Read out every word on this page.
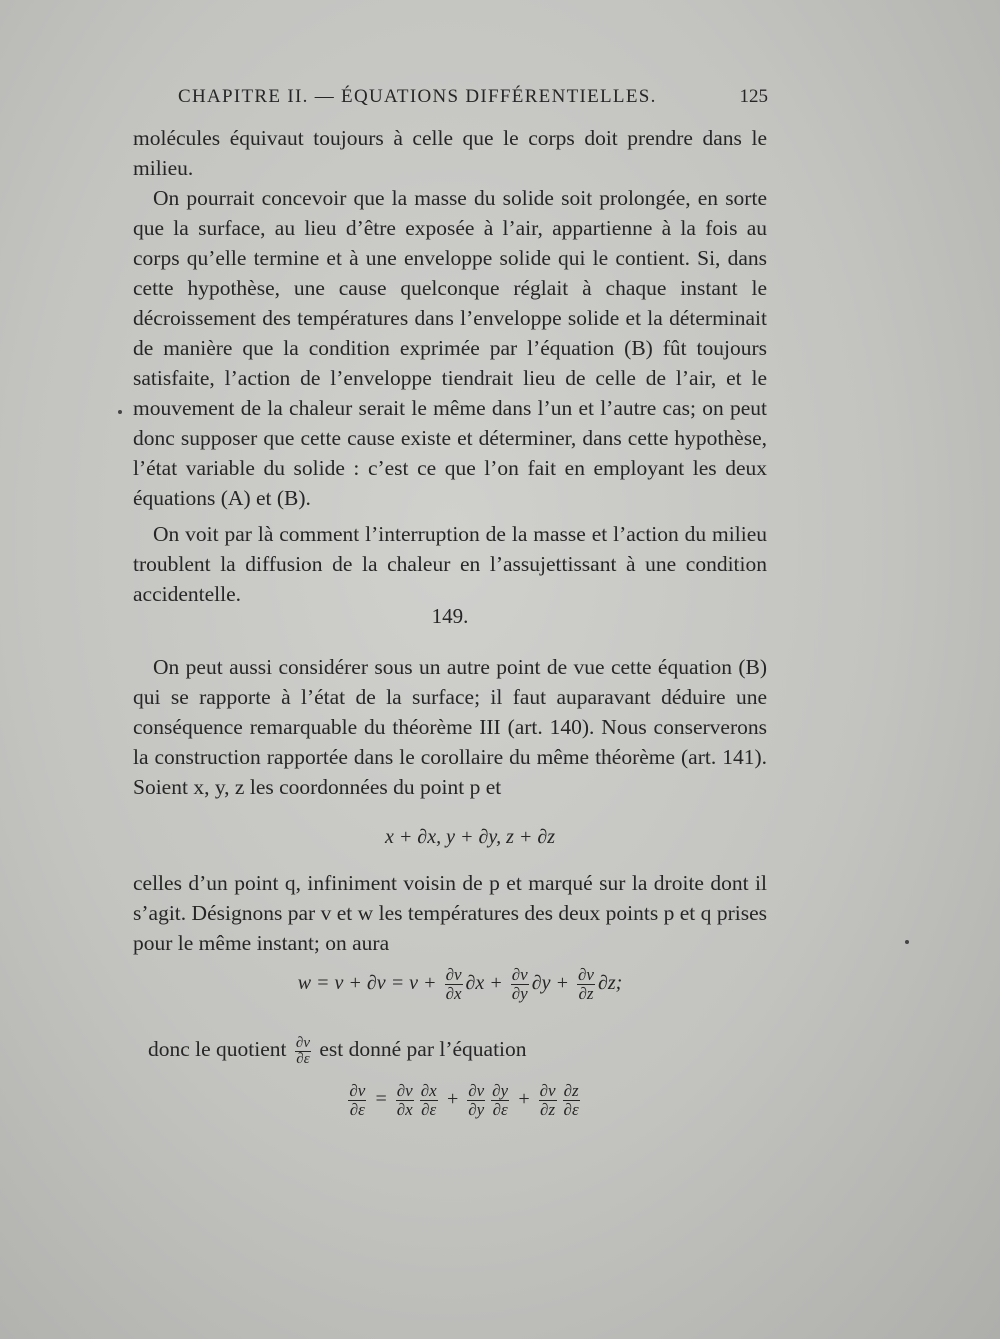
CHAPITRE II. — ÉQUATIONS DIFFÉRENTIELLES.	125

molécules équivaut toujours à celle que le corps doit prendre dans le milieu.

On pourrait concevoir que la masse du solide soit prolongée, en sorte que la surface, au lieu d’être exposée à l’air, appartienne à la fois au corps qu’elle termine et à une enveloppe solide qui le contient. Si, dans cette hypothèse, une cause quelconque réglait à chaque instant le décroissement des températures dans l’enveloppe solide et la déterminait de manière que la condition exprimée par l’équation (B) fût toujours satisfaite, l’action de l’enveloppe tiendrait lieu de celle de l’air, et le mouvement de la chaleur serait le même dans l’un et l’autre cas; on peut donc supposer que cette cause existe et déterminer, dans cette hypothèse, l’état variable du solide : c’est ce que l’on fait en employant les deux équations (A) et (B).

On voit par là comment l’interruption de la masse et l’action du milieu troublent la diffusion de la chaleur en l’assujettissant à une condition accidentelle.

149.

On peut aussi considérer sous un autre point de vue cette équation (B) qui se rapporte à l’état de la surface; il faut auparavant déduire une conséquence remarquable du théorème III (art. 140). Nous conserverons la construction rapportée dans le corollaire du même théorème (art. 141). Soient x, y, z les coordonnées du point p et

x + ∂x, y + ∂y, z + ∂z

celles d’un point q, infiniment voisin de p et marqué sur la droite dont il s’agit. Désignons par v et w les températures des deux points p et q prises pour le même instant; on aura

$w = v + \partial v = v + \frac{\partial v}{\partial x} \partial x + \frac{\partial v}{\partial y} \partial y + \frac{\partial v}{\partial z} \partial z$;
donc le quotient $\frac{\partial v}{\partial\varepsilon}$ est donné par l’équation
$\frac{\partial v}{\partial\varepsilon} = \frac{\partial v}{\partial x} \frac{\partial x}{\partial\varepsilon} + \frac{\partial v}{\partial y} \frac{\partial y}{\partial\varepsilon} + \frac{\partial v}{\partial z} \frac{\partial z}{\partial\varepsilon}$
